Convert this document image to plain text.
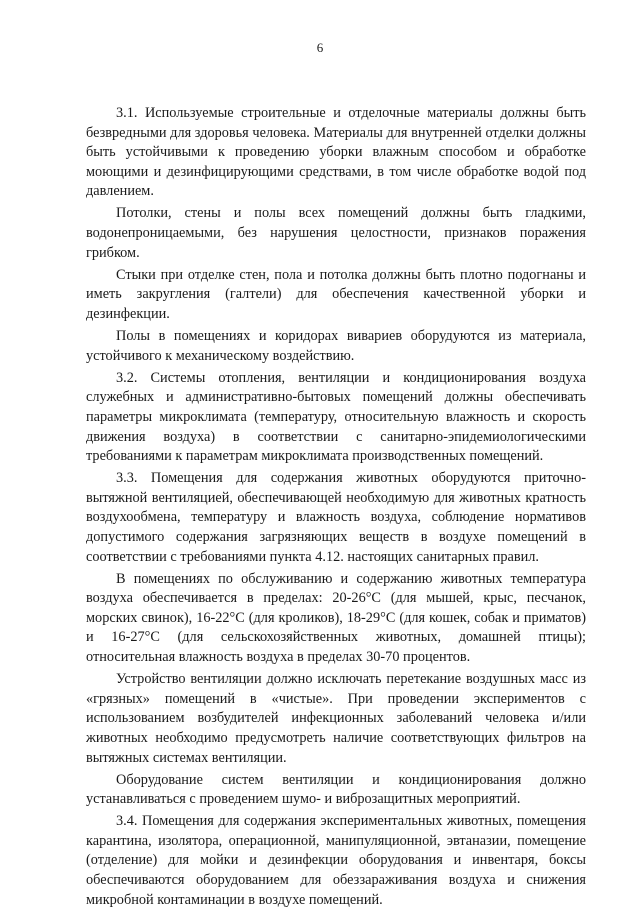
6

3.1. Используемые строительные и отделочные материалы должны быть безвредными для здоровья человека. Материалы для внутренней отделки должны быть устойчивыми к проведению уборки влажным способом и обработке моющими и дезинфицирующими средствами, в том числе обработке водой под давлением.

Потолки, стены и полы всех помещений должны быть гладкими, водонепроницаемыми, без нарушения целостности, признаков поражения грибком.

Стыки при отделке стен, пола и потолка должны быть плотно подогнаны и иметь закругления (галтели) для обеспечения качественной уборки и дезинфекции.

Полы в помещениях и коридорах вивариев оборудуются из материала, устойчивого к механическому воздействию.

3.2. Системы отопления, вентиляции и кондиционирования воздуха служебных и административно-бытовых помещений должны обеспечивать параметры микроклимата (температуру, относительную влажность и скорость движения воздуха) в соответствии с санитарно-эпидемиологическими требованиями к параметрам микроклимата производственных помещений.

3.3. Помещения для содержания животных оборудуются приточно-вытяжной вентиляцией, обеспечивающей необходимую для животных кратность воздухообмена, температуру и влажность воздуха, соблюдение нормативов допустимого содержания загрязняющих веществ в воздухе помещений в соответствии с требованиями пункта 4.12. настоящих санитарных правил.

В помещениях по обслуживанию и содержанию животных температура воздуха обеспечивается в пределах: 20-26°С (для мышей, крыс, песчанок, морских свинок), 16-22°С (для кроликов), 18-29°С (для кошек, собак и приматов) и 16-27°С (для сельскохозяйственных животных, домашней птицы); относительная влажность воздуха в пределах 30-70 процентов.

Устройство вентиляции должно исключать перетекание воздушных масс из «грязных» помещений в «чистые». При проведении экспериментов с использованием возбудителей инфекционных заболеваний человека и/или животных необходимо предусмотреть наличие соответствующих фильтров на вытяжных системах вентиляции.

Оборудование систем вентиляции и кондиционирования должно устанавливаться с проведением шумо- и виброзащитных мероприятий.

3.4. Помещения для содержания экспериментальных животных, помещения карантина, изолятора, операционной, манипуляционной, эвтаназии, помещение (отделение) для мойки и дезинфекции оборудования и инвентаря, боксы обеспечиваются оборудованием для обеззараживания воздуха и снижения микробной контаминации в воздухе помещений.
